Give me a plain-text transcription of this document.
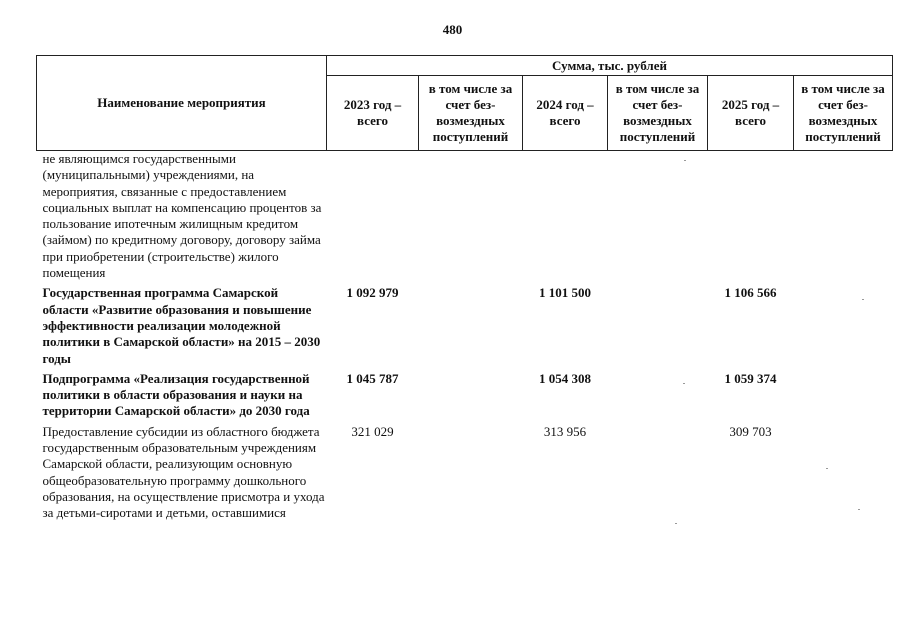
480
Наименование мероприятия	Сумма, тыс. рублей					
	2023 год – всего	в том числе за счет без-возмездных поступлений	2024 год – всего	в том числе за счет без-возмездных поступлений	2025 год – всего	в том числе за счет без-возмездных поступлений
не являющимся государственными (муниципальными) учреждениями, на мероприятия, связанные с предоставлением социальных выплат на компенсацию процентов за пользование ипотечным жилищным кредитом (займом) по кредитному договору, договору займа при приобретении (строительстве) жилого помещения						

Государственная программа Самарской области «Развитие образования и повышение эффективности реализации молодежной политики в Самарской области» на 2015 – 2030 годы	1 092 979		1 101 500		1 106 566	

Подпрограмма «Реализация государственной политики в области образования и науки на территории Самарской области» до 2030 года	1 045 787		1 054 308		1 059 374	

Предоставление субсидии из областного бюджета государственным образовательным учреждениям Самарской области, реализующим основную общеобразовательную программу дошкольного образования, на осуществление присмотра и ухода за детьми-сиротами и детьми, оставшимися	321 029		313 956		309 703	
